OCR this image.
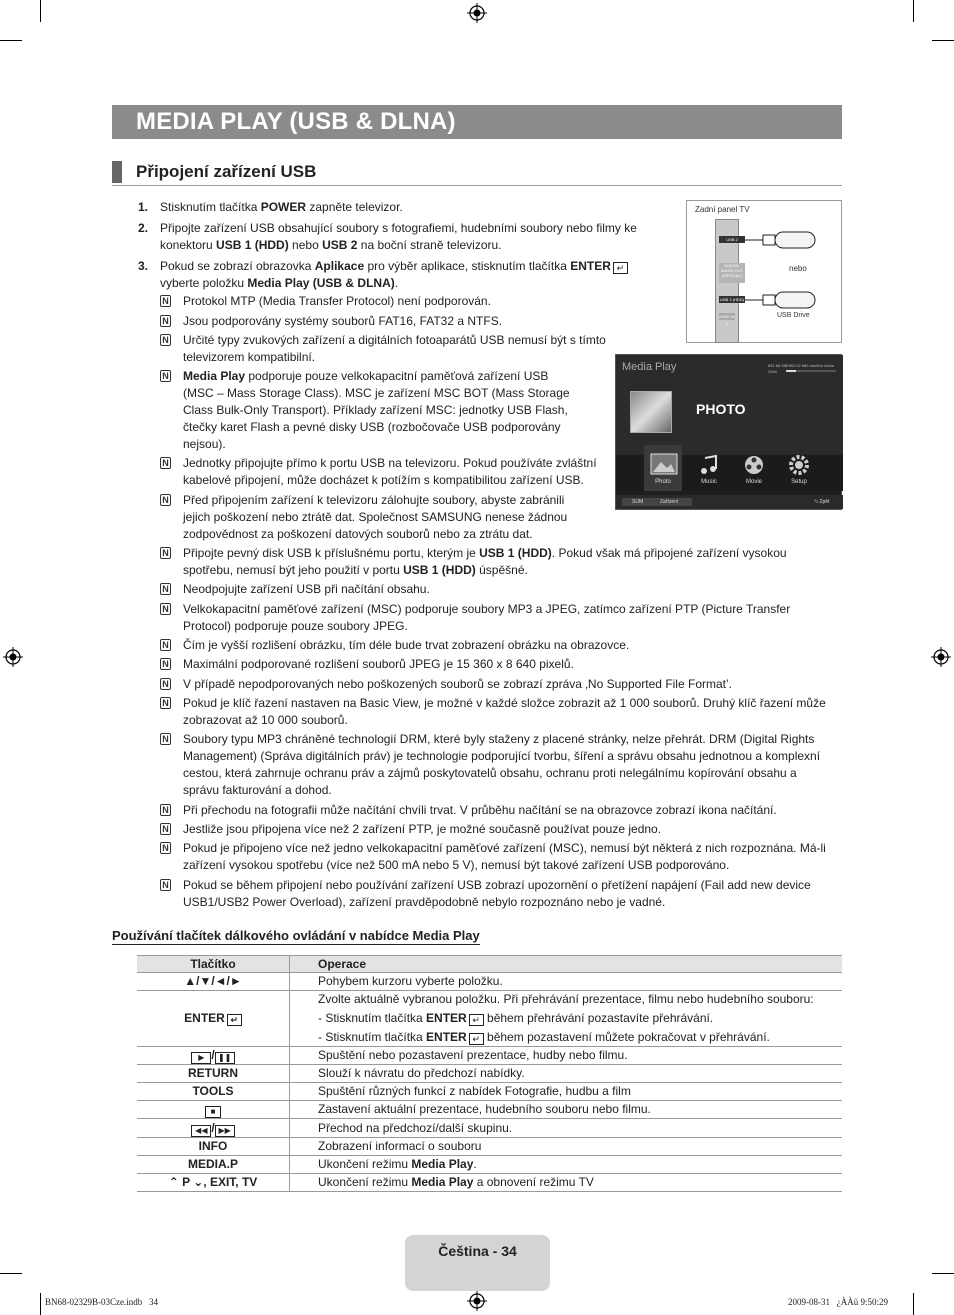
MEDIA PLAY (USB & DLNA)
Připojení zařízení USB
1. Stisknutím tlačítka POWER zapněte televizor.
2. Připojte zařízení USB obsahující soubory s fotografiemi, hudebními soubory nebo filmy ke
konektoru USB 1 (HDD) nebo USB 2 na boční straně televizoru.
3. Pokud se zobrazí obrazovka Aplikace pro výběr aplikace, stisknutím tlačítka ENTER ↵
vyberte položku Media Play (USB & DLNA).
N Protokol MTP (Media Transfer Protocol) není podporován.
N Jsou podporovány systémy souborů FAT16, FAT32 a NTFS.
N Určité typy zvukových zařízení a digitálních fotoaparátů USB nemusí být s tímto
televizorem kompatibilní.
N Media Play podporuje pouze velkokapacitní paměťová zařízení USB
(MSC – Mass Storage Class). MSC je zařízení MSC BOT (Mass Storage
Class Bulk-Only Transport). Příklady zařízení MSC: jednotky USB Flash,
čtečky karet Flash a pevné disky USB (rozbočovače USB podporovány
nejsou).
N Jednotky připojujte přímo k portu USB na televizoru. Pokud používáte zvláštní
kabelové připojení, může docházet k potížím s kompatibilitou zařízení USB.
N Před připojením zařízení k televizoru zálohujte soubory, abyste zabránili
jejich poškození nebo ztrátě dat. Společnost SAMSUNG nenese žádnou
zodpovědnost za poškození datových souborů nebo za ztrátu dat.
N Připojte pevný disk USB k příslušnému portu, kterým je USB 1 (HDD). Pokud však má připojené zařízení vysokou
spotřebu, nemusí být jeho použití v portu USB 1 (HDD) úspěšné.
N Neodpojujte zařízení USB při načítání obsahu.
N Velkokapacitní paměťové zařízení (MSC) podporuje soubory MP3 a JPEG, zatímco zařízení PTP (Picture Transfer
Protocol) podporuje pouze soubory JPEG.
N Čím je vyšší rozlišení obrázku, tím déle bude trvat zobrazení obrázku na obrazovce.
N Maximální podporované rozlišení souborů JPEG je 15 360 x 8 640 pixelů.
N V případě nepodporovaných nebo poškozených souborů se zobrazí zpráva ‚No Supported File Format’.
N Pokud je klíč řazení nastaven na Basic View, je možné v každé složce zobrazit až 1 000 souborů. Druhý klíč řazení může
zobrazovat až 10 000 souborů.
N Soubory typu MP3 chráněné technologií DRM, které byly staženy z placené stránky, nelze přehrát. DRM (Digital Rights
Management) (Správa digitálních práv) je technologie podporující tvorbu, šíření a správu obsahu jednotnou a komplexní
cestou, která zahrnuje ochranu práv a zájmů poskytovatelů obsahu, ochranu proti nelegálnímu kopírování obsahu a
správu fakturování a dohod.
N Při přechodu na fotografii může načítání chvíli trvat. V průběhu načítání se na obrazovce zobrazí ikona načítání.
N Jestliže jsou připojena více než 2 zařízení PTP, je možné současně používat pouze jedno.
N Pokud je připojeno více než jedno velkokapacitní paměťové zařízení (MSC), nemusí být některá z nich rozpoznána. Má-li
zařízení vysokou spotřebu (více než 500 mA nebo 5 V), nemusí být takové zařízení USB podporováno.
N Pokud se během připojení nebo používání zařízení USB zobrazí upozornění o přetížení napájení (Fail add new device
USB1/USB2 Power Overload), zařízení pravděpodobně nebylo rozpoznáno nebo je vadné.
Zadní panel TV
USB 2
DIGITAL AUDIO OUT (OPTICAL)
USB 1 (HDD)
HDMI IN 4
nebo
USB Drive
Media Play	851.66 MB/993.02 MB volného místa
SUM
PHOTO
Photo	Music	Movie	Setup
SUM	Zařízení	⮌ Zpět
Používání tlačítek dálkového ovládání v nabídce Media Play
Tlačítko	Operace
▲/▼/◄/►	Pohybem kurzoru vyberte položku.
ENTER ↵	Zvolte aktuálně vybranou položku. Při přehrávání prezentace, filmu nebo hudebního souboru:
- Stisknutím tlačítka ENTER ↵ během přehrávání pozastavíte přehrávání.
- Stisknutím tlačítka ENTER ↵ během pozastavení můžete pokračovat v přehrávání.

▶ / ❚❚	Spuštění nebo pozastavení prezentace, hudby nebo filmu.
RETURN	Slouží k návratu do předchozí nabídky.
TOOLS	Spuštění různých funkcí z nabídek Fotografie, hudbu a film
■	Zastavení aktuální prezentace, hudebního souboru nebo filmu.
◀◀ / ▶▶	Přechod na předchozí/další skupinu.
INFO	Zobrazení informací o souboru
MEDIA.P	Ukončení režimu Media Play.
⌃ P ⌄, EXIT, TV	Ukončení režimu Media Play a obnovení režimu TV
Čeština - 34
BN68-02329B-03Cze.indb   34	2009-08-31   ¿ÀÀü 9:50:29
